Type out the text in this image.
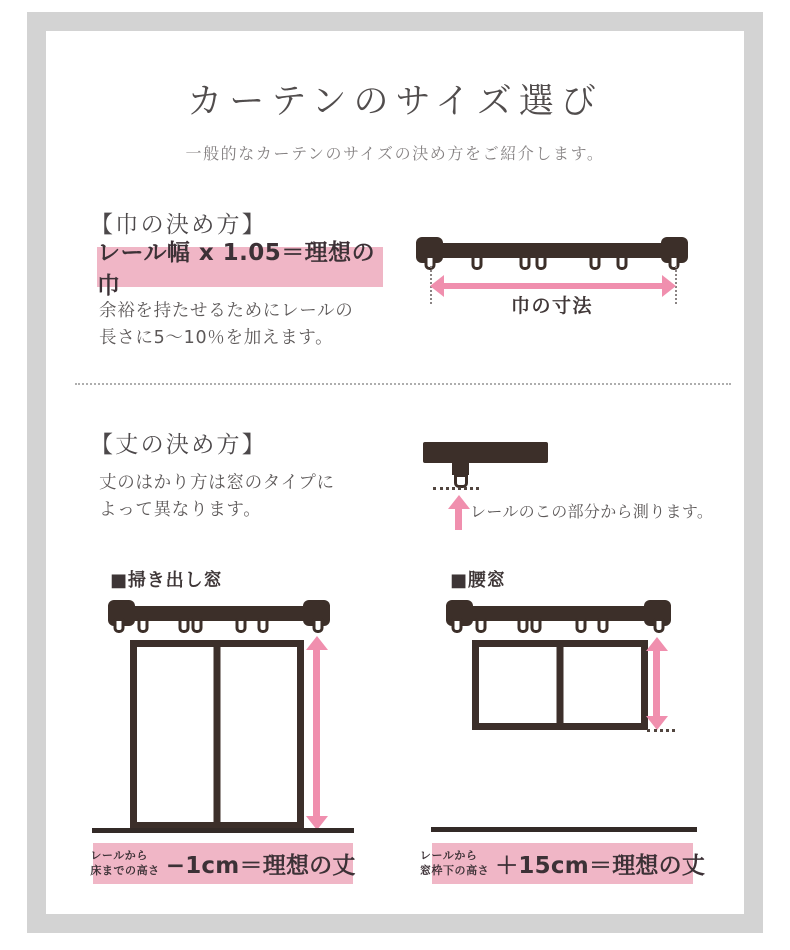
カーテンのサイズ選び
一般的なカーテンのサイズの決め方をご紹介します。
【巾の決め方】
レール幅 x 1.05＝理想の巾
余裕を持たせるためにレールの
長さに5〜10％を加えます。
巾の寸法
【丈の決め方】
丈のはかり方は窓のタイプに
よって異なります。	レールのこの部分から測ります。
■掃き出し窓
レールから
床までの高さ −1cm＝理想の丈
■腰窓
レールから
窓枠下の高さ ＋15cm＝理想の丈
